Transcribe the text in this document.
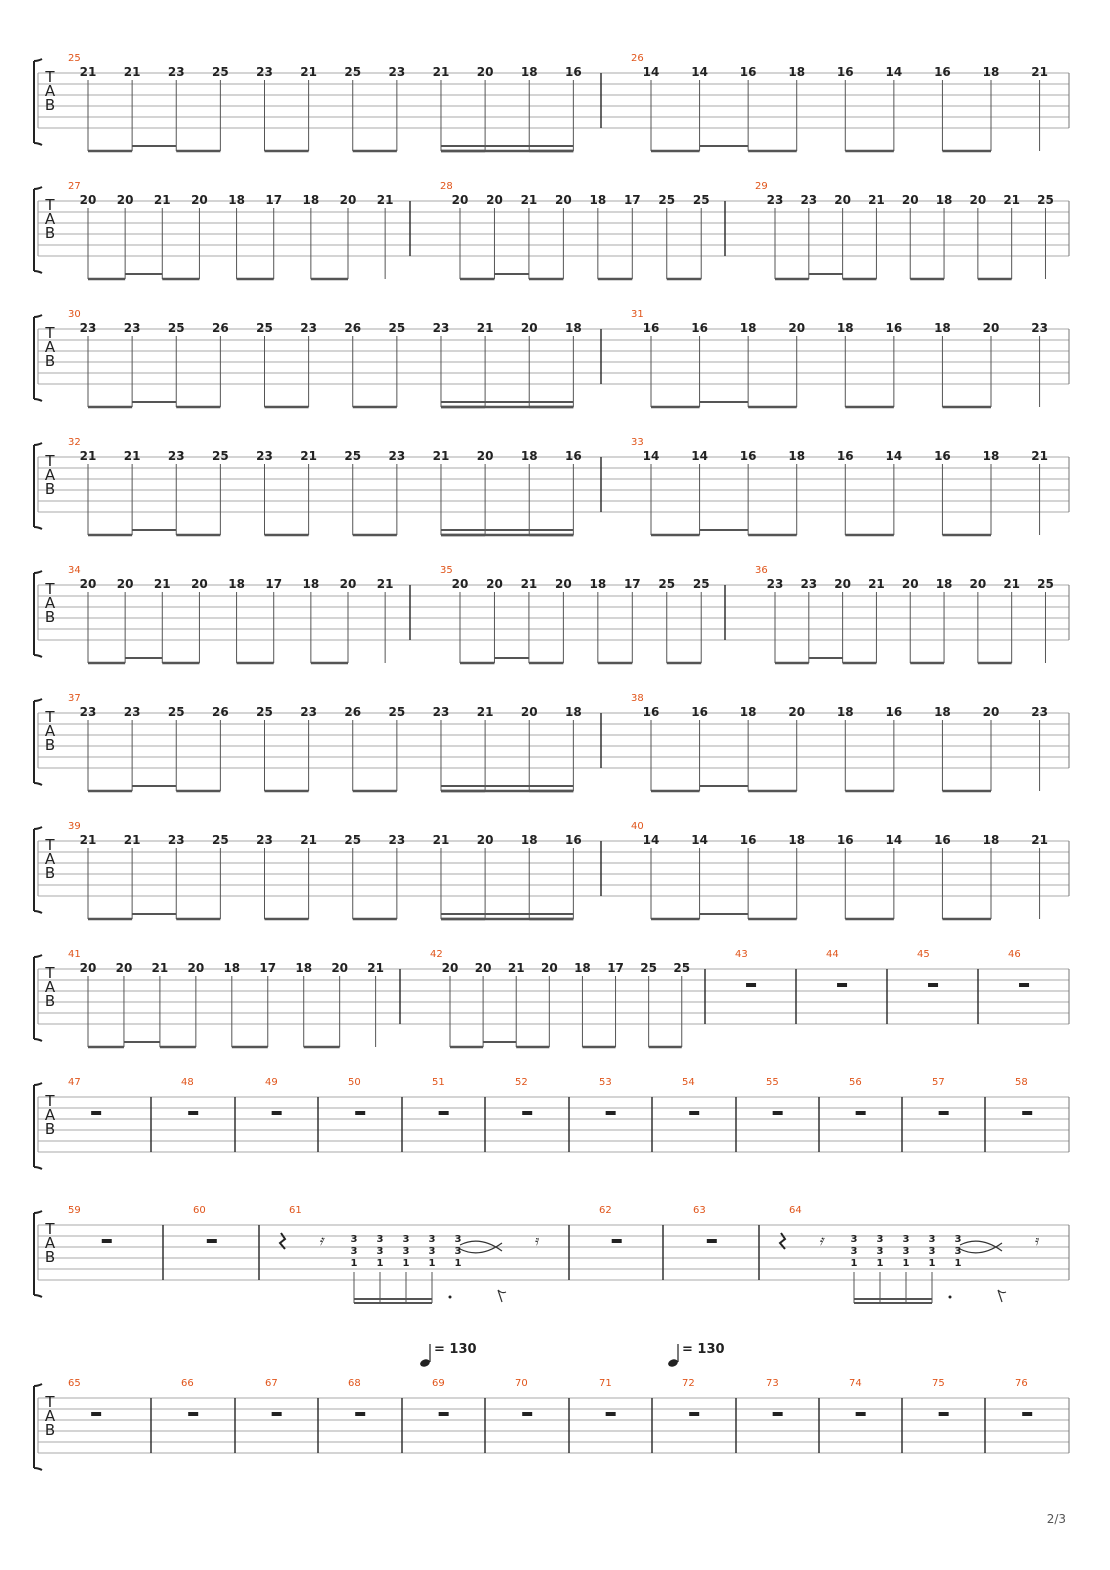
T
A
B
25
21 21 23 25 23 21 25 23 21 20 18 16
26
14	14	16	18	16	14	16	18	21
T
A
B
27
20 20 21 20 18 17 18 20 21
28
20 20 21 20 18 17 25 25
29
23 23 20 21 20 18 20 21 25
T
A
B
30
23 23 25 26 25 23 26 25 23 21 20 18
31
16	16	18	20	18	16	18	20	23
T
A
B
32
21 21 23 25 23 21 25 23 21 20 18 16
33
14	14	16	18	16	14	16	18	21
T
A
B
34
20 20 21 20 18 17 18 20 21
35
20 20 21 20 18 17 25 25
36
23 23 20 21 20 18 20 21 25
T
A
B
37
23 23 25 26 25 23 26 25 23 21 20 18
38
16	16	18	20	18	16	18	20	23
T
A
B
39
21 21 23 25 23 21 25 23 21 20 18 16
40
14	14	16	18	16	14	16	18	21
T
A
B
41
20 20 21 20 18 17 18 20 21
42
20 20 21 20 18 17 25 25
43	44	45	46
T
A
B
47	48	49	50	51	52	53	54	55	56	57	58
T
A
B
59	60	61
𝄿	3
3
1
3
3
1
3
3
1
3
3
1
3
3
1
𝄿
62	63	64
𝄿	3
3
1
3
3
1
3
3
1
3
3
1
3
3
1
𝄿
T
A
B
65	66	67	68	69	70	71	72	73	74	75	76
= 130	= 130
2/3
